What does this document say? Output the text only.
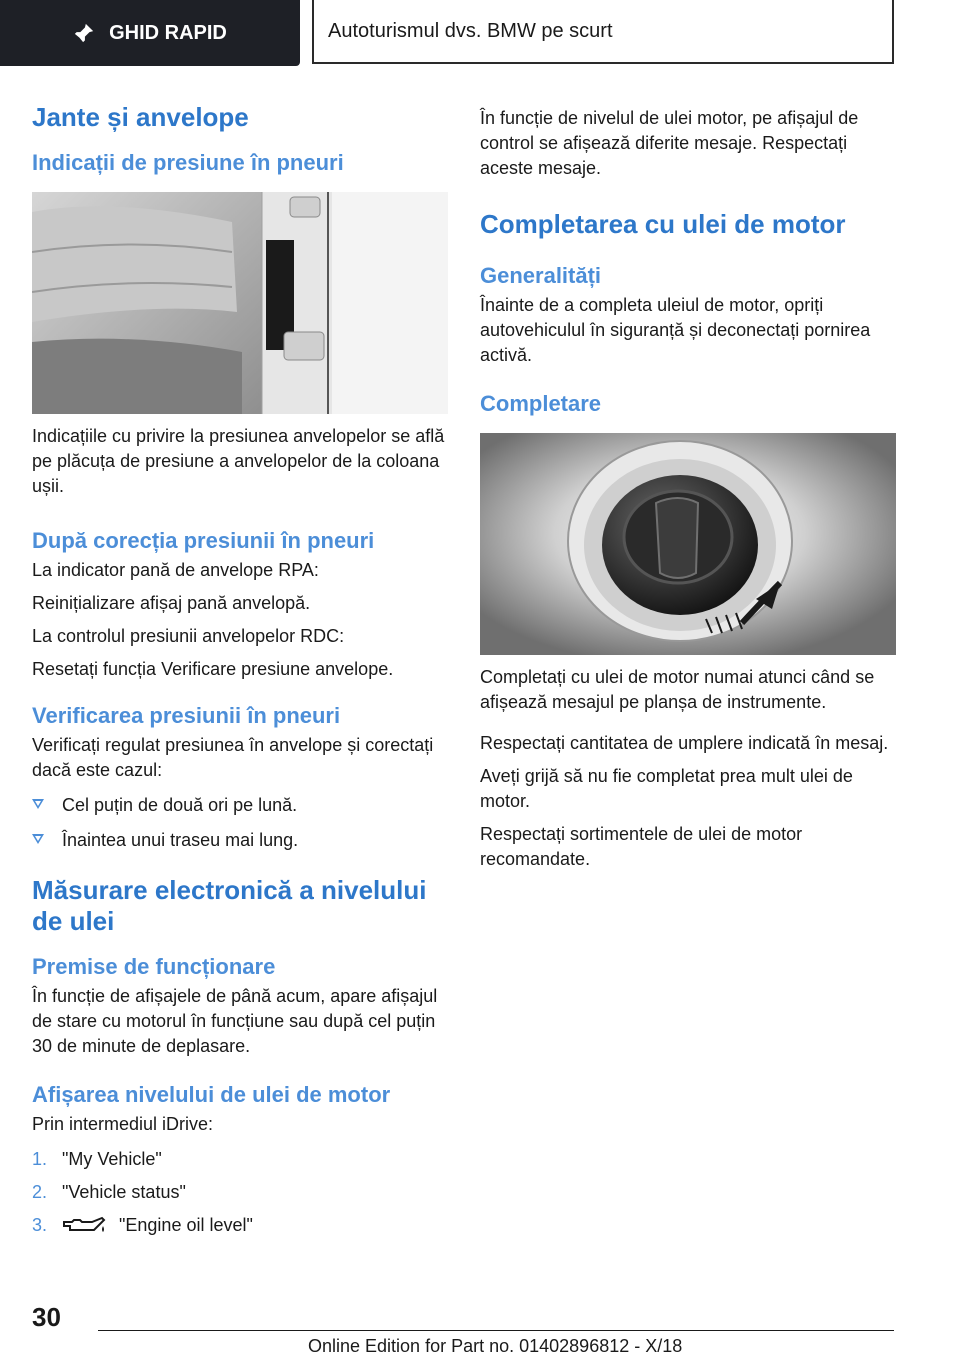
GHID RAPID	Autoturismul dvs. BMW pe scurt
Jante și anvelope
Indicații de presiune în pneuri

Indicațiile cu privire la presiunea anvelopelor se află pe plăcuța de presiune a anvelopelor de la coloana ușii.

După corecția presiunii în pneuri

La indicator pană de anvelope RPA:

Reinițializare afișaj pană anvelopă.

La controlul presiunii anvelopelor RDC:

Resetați funcția Verificare presiune anvelope.

Verificarea presiunii în pneuri

Verificați regulat presiunea în anvelope și corectați dacă este cazul:

Cel puțin de două ori pe lună.
Înaintea unui traseu mai lung.
Măsurare electronică a nivelului de ulei
Premise de funcționare

În funcție de afișajele de până acum, apare afișajul de stare cu motorul în funcțiune sau după cel puțin 30 de minute de deplasare.

Afișarea nivelului de ulei de motor

Prin intermediul iDrive:

1. "My Vehicle"
2. "Vehicle status"
3.	"Engine oil level"

În funcție de nivelul de ulei motor, pe afișajul de control se afișează diferite mesaje. Respectați aceste mesaje.

Completarea cu ulei de motor
Generalități

Înainte de a completa uleiul de motor, opriți autovehiculul în siguranță și deconectați pornirea activă.

Completare

Completați cu ulei de motor numai atunci când se afișează mesajul pe planșa de instrumente.

Respectați cantitatea de umplere indicată în mesaj.

Aveți grijă să nu fie completat prea mult ulei de motor.

Respectați sortimentele de ulei de motor recomandate.

30
Online Edition for Part no. 01402896812 - X/18
